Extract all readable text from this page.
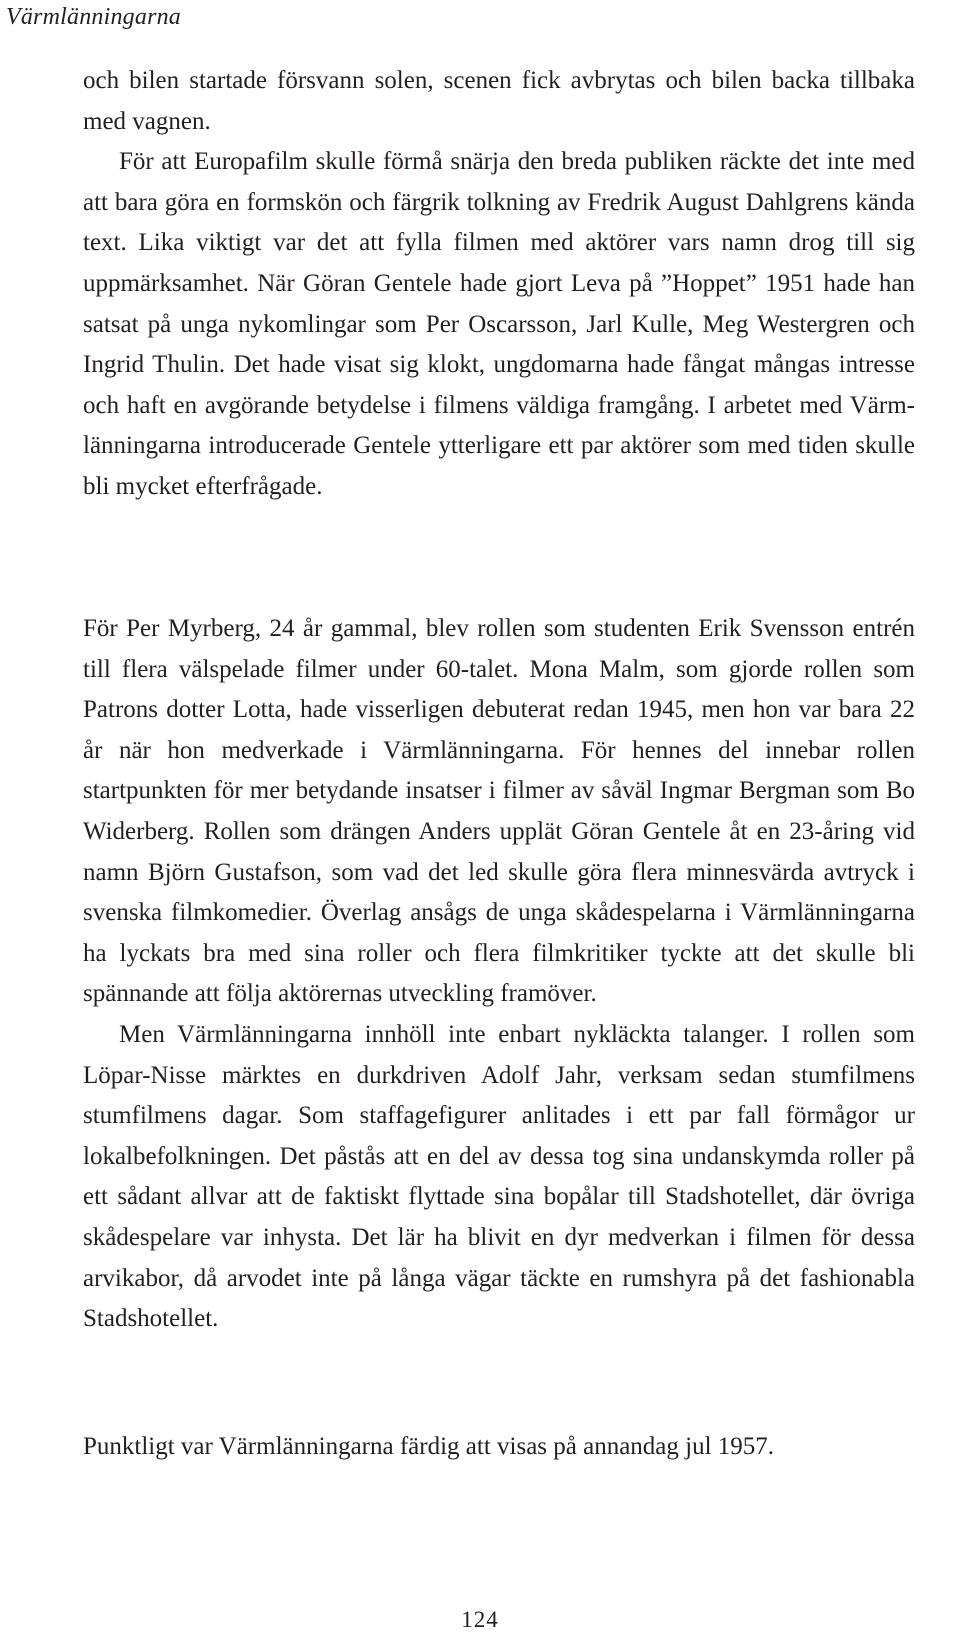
Värmlänningarna

och bilen startade försvann solen, scenen fick avbrytas och bilen backa tillbaka med vagnen.

För att Europafilm skulle förmå snärja den breda publiken räckte det inte med att bara göra en formskön och färgrik tolkning av Fredrik August Dahlgrens kända text. Lika viktigt var det att fylla filmen med aktörer vars namn drog till sig uppmärksamhet. När Göran Gentele hade gjort Leva på ”Hoppet” 1951 hade han satsat på unga nykomlingar som Per Oscarsson, Jarl Kulle, Meg Westergren och Ingrid Thulin. Det hade visat sig klokt, ungdomarna hade fångat mångas intresse och haft en avgörande betydelse i filmens väldiga framgång. I arbetet med Värmlänningarna introducerade Gentele ytterligare ett par aktörer som med tiden skulle bli mycket efterfrågade.

För Per Myrberg, 24 år gammal, blev rollen som studenten Erik Svensson entrén till flera välspelade filmer under 60-talet. Mona Malm, som gjorde rollen som Patrons dotter Lotta, hade visserligen debuterat redan 1945, men hon var bara 22 år när hon medverkade i Värmlänningarna. För hennes del innebar rollen startpunkten för mer betydande insatser i filmer av såväl Ingmar Bergman som Bo Widerberg. Rollen som drängen Anders upplät Göran Gentele åt en 23-åring vid namn Björn Gustafson, som vad det led skulle göra flera minnesvärda avtryck i svenska filmkomedier. Överlag ansågs de unga skådespelarna i Värmlänningarna ha lyckats bra med sina roller och flera filmkritiker tyckte att det skulle bli spännande att följa aktörernas utveckling framöver.

Men Värmlänningarna innhöll inte enbart nykläckta talanger. I rollen som Löpar-Nisse märktes en durkdriven Adolf Jahr, verksam sedan stumfilmens stumfilmens dagar. Som staffagefigurer anlitades i ett par fall förmågor ur lokalbefolkningen. Det påstås att en del av dessa tog sina undanskymda roller på ett sådant allvar att de faktiskt flyttade sina bopålar till Stadshotellet, där övriga skådespelare var inhysta. Det lär ha blivit en dyr medverkan i filmen för dessa arvikabor, då arvodet inte på långa vägar täckte en rumshyra på det fashionabla Stadshotellet.

Punktligt var Värmlänningarna färdig att visas på annandag jul 1957.

124
